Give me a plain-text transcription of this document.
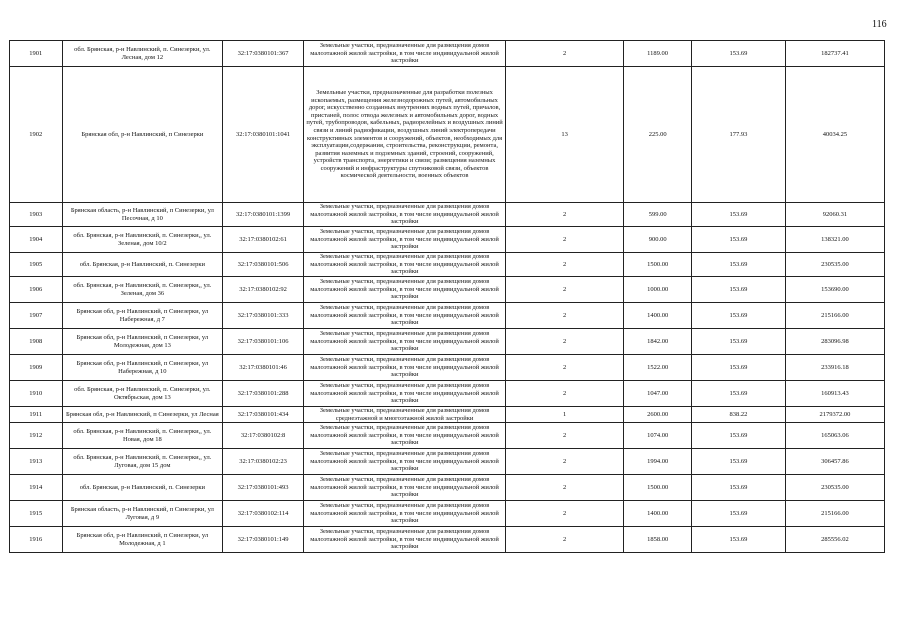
116
1901	обл. Брянская, р-н Навлинский, п. Синезерки, ул. Лесная, дом 12	32:17:0380101:367	Земельные участки, предназначенные для размещения домов малоэтажной жилой застройки, в том числе индивидуальной жилой застройки	2	1189.00	153.69	182737.41
1902	Брянская обл, р-н Навлинский, п Синезерки	32:17:0380101:1041	Земельные участки, предназначенные для разработки полезных ископаемых, размещения железнодорожных путей, автомобильных дорог, искусственно созданных внутренних водных путей, причалов, пристаней, полос отвода железных и автомобильных дорог, водных путей, трубопроводов, кабельных, радиорелейных и воздушных линий связи и линий радиофикации, воздушных линий электропередачи конструктивных элементов и сооружений, объектов, необходимых для эксплуатации,содержания, строительства, реконструкции, ремонта, развития наземных и подземных зданий, строений, сооружений, устройств транспорта, энергетики и связи; размещения наземных сооружений и инфраструктуры спутниковой связи, объектов космической деятельности, военных объектов	13	225.00	177.93	40034.25
1903	Брянская область, р-н Навлинский, п Синезерки, ул Песочная, д 10	32:17:0380101:1399	Земельные участки, предназначенные для размещения домов малоэтажной жилой застройки, в том числе индивидуальной жилой застройки	2	599.00	153.69	92060.31
1904	обл. Брянская, р-н Навлинский, п. Синезерки,, ул. Зеленая, дом 10/2	32:17:0380102:61	Земельные участки, предназначенные для размещения домов малоэтажной жилой застройки, в том числе индивидуальной жилой застройки	2	900.00	153.69	138321.00
1905	обл. Брянская, р-н Навлинский, п. Синезерки	32:17:0380101:506	Земельные участки, предназначенные для размещения домов малоэтажной жилой застройки, в том числе индивидуальной жилой застройки	2	1500.00	153.69	230535.00
1906	обл. Брянская, р-н Навлинский, п. Синезерки,, ул. Зеленая, дом 36	32:17:0380102:92	Земельные участки, предназначенные для размещения домов малоэтажной жилой застройки, в том числе индивидуальной жилой застройки	2	1000.00	153.69	153690.00
1907	Брянская обл, р-н Навлинский, п Синезерки, ул Набережная, д 7	32:17:0380101:333	Земельные участки, предназначенные для размещения домов малоэтажной жилой застройки, в том числе индивидуальной жилой застройки	2	1400.00	153.69	215166.00
1908	Брянская обл, р-н Навлинский, п Синезерки, ул Молодежная, дом 13	32:17:0380101:106	Земельные участки, предназначенные для размещения домов малоэтажной жилой застройки, в том числе индивидуальной жилой застройки	2	1842.00	153.69	283096.98
1909	Брянская обл, р-н Навлинский, п Синезерки, ул Набережная, д 10	32:17:0380101:46	Земельные участки, предназначенные для размещения домов малоэтажной жилой застройки, в том числе индивидуальной жилой застройки	2	1522.00	153.69	233916.18
1910	обл. Брянская, р-н Навлинский, п. Синезерки, ул. Октябрьская, дом 13	32:17:0380101:288	Земельные участки, предназначенные для размещения домов малоэтажной жилой застройки, в том числе индивидуальной жилой застройки	2	1047.00	153.69	160913.43
1911	Брянская обл, р-н Навлинский, п Синезерки, ул Лесная	32:17:0380101:434	Земельные участки, предназначенные для размещения домов среднеэтажной и многоэтажной жилой застройки	1	2600.00	838.22	2179372.00
1912	обл. Брянская, р-н Навлинский, п. Синезерки,, ул. Новая, дом 18	32:17:0380102:8	Земельные участки, предназначенные для размещения домов малоэтажной жилой застройки, в том числе индивидуальной жилой застройки	2	1074.00	153.69	165063.06
1913	обл. Брянская, р-н Навлинский, п. Синезерки,, ул. Луговая, дом 15 дом	32:17:0380102:23	Земельные участки, предназначенные для размещения домов малоэтажной жилой застройки, в том числе индивидуальной жилой застройки	2	1994.00	153.69	306457.86
1914	обл. Брянская, р-н Навлинский, п. Синезерки	32:17:0380101:493	Земельные участки, предназначенные для размещения домов малоэтажной жилой застройки, в том числе индивидуальной жилой застройки	2	1500.00	153.69	230535.00
1915	Брянская область, р-н Навлинский, п Синезерки, ул Луговая, д 9	32:17:0380102:114	Земельные участки, предназначенные для размещения домов малоэтажной жилой застройки, в том числе индивидуальной жилой застройки	2	1400.00	153.69	215166.00
1916	Брянская обл, р-н Навлинский, п Синезерки, ул Молодежная, д 1	32:17:0380101:149	Земельные участки, предназначенные для размещения домов малоэтажной жилой застройки, в том числе индивидуальной жилой застройки	2	1858.00	153.69	285556.02
